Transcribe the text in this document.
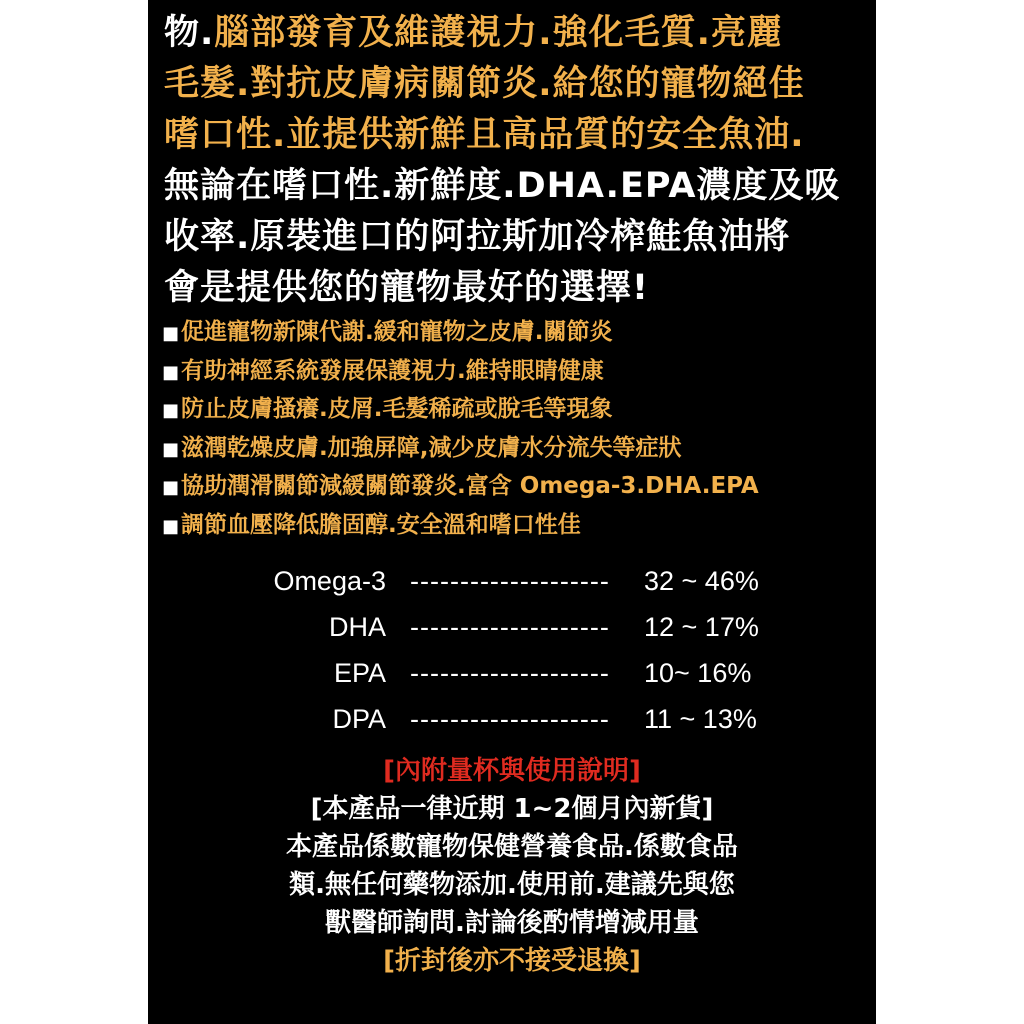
物.腦部發育及維護視力.強化毛質.亮麗
毛髮.對抗皮膚病關節炎.給您的寵物絕佳
嗜口性.並提供新鮮且高品質的安全魚油.
無論在嗜口性.新鮮度.DHA.EPA濃度及吸
收率.原裝進口的阿拉斯加冷榨鮭魚油將
會是提供您的寵物最好的選擇!
■促進寵物新陳代謝.緩和寵物之皮膚.關節炎
■有助神經系統發展保護視力.維持眼睛健康
■防止皮膚搔癢.皮屑.毛髮稀疏或脫毛等現象
■滋潤乾燥皮膚.加強屏障,減少皮膚水分流失等症狀
■協助潤滑關節減緩關節發炎.富含 Omega-3.DHA.EPA
■調節血壓降低膽固醇.安全溫和嗜口性佳
Omega-3 --------------------	32 ~ 46%
DHA --------------------	12 ~ 17%
EPA --------------------	10~ 16%
DPA --------------------	11 ~ 13%
[內附量杯與使用說明]
[本產品一律近期 1~2個月內新貨]
本產品係數寵物保健營養食品.係數食品
類.無任何藥物添加.使用前.建議先與您
獸醫師詢問.討論後酌情增減用量
[折封後亦不接受退換]
